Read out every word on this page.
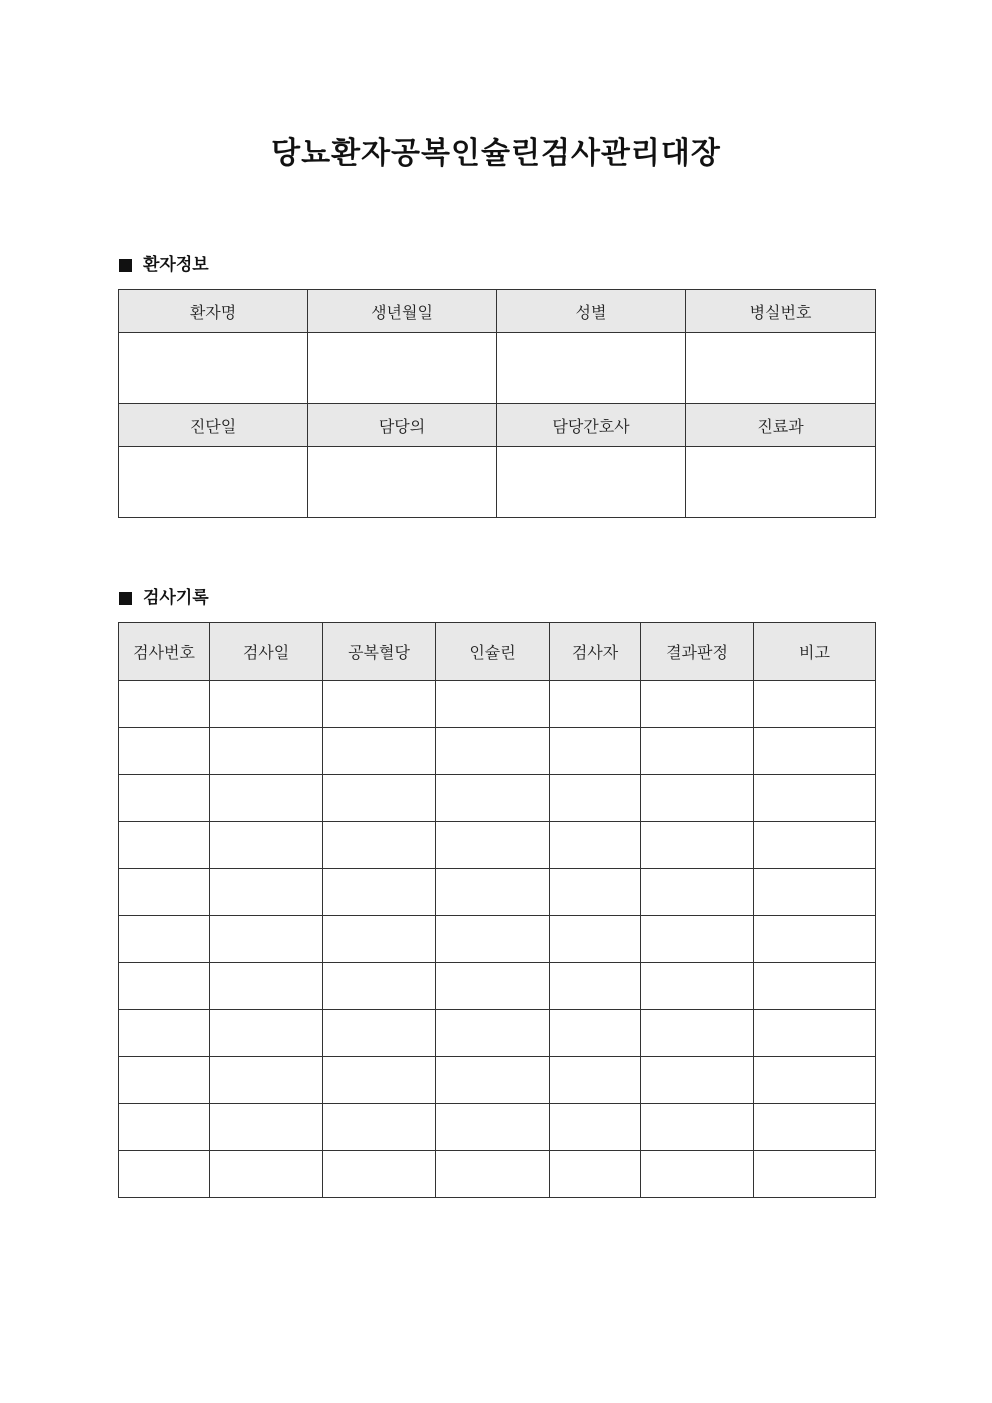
당뇨환자공복인슐린검사관리대장
환자정보
환자명	생년월일	성별	병실번호

진단일	담당의	담당간호사	진료과

검사기록
검사번호	검사일	공복혈당	인슐린	검사자	결과판정	비고
